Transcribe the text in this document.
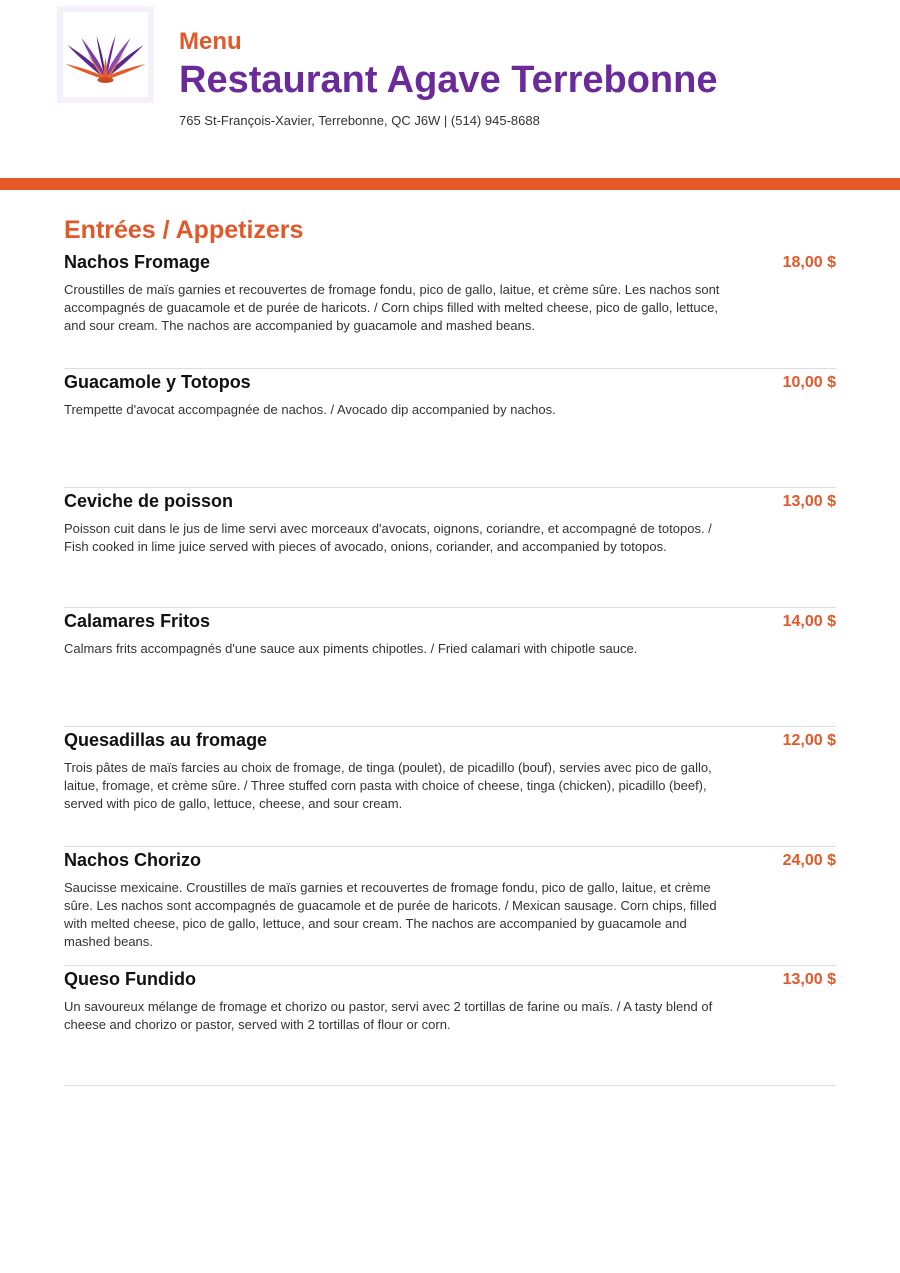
Menu
Restaurant Agave Terrebonne
765 St-François-Xavier, Terrebonne, QC J6W | (514) 945-8688
Entrées / Appetizers
Nachos Fromage	18,00 $
Croustilles de maïs garnies et recouvertes de fromage fondu, pico de gallo, laitue, et crème sûre. Les nachos sont accompagnés de guacamole et de purée de haricots. / Corn chips filled with melted cheese, pico de gallo, lettuce, and sour cream. The nachos are accompanied by guacamole and mashed beans.
Guacamole y Totopos	10,00 $
Trempette d'avocat accompagnée de nachos. / Avocado dip accompanied by nachos.
Ceviche de poisson	13,00 $
Poisson cuit dans le jus de lime servi avec morceaux d'avocats, oignons, coriandre, et accompagné de totopos. / Fish cooked in lime juice served with pieces of avocado, onions, coriander, and accompanied by totopos.
Calamares Fritos	14,00 $
Calmars frits accompagnés d'une sauce aux piments chipotles. / Fried calamari with chipotle sauce.
Quesadillas au fromage	12,00 $
Trois pâtes de maïs farcies au choix de fromage, de tinga (poulet), de picadillo (bouf), servies avec pico de gallo, laitue, fromage, et crème sûre. / Three stuffed corn pasta with choice of cheese, tinga (chicken), picadillo (beef), served with pico de gallo, lettuce, cheese, and sour cream.
Nachos Chorizo	24,00 $
Saucisse mexicaine. Croustilles de maïs garnies et recouvertes de fromage fondu, pico de gallo, laitue, et crème sûre. Les nachos sont accompagnés de guacamole et de purée de haricots. / Mexican sausage. Corn chips, filled with melted cheese, pico de gallo, lettuce, and sour cream. The nachos are accompanied by guacamole and mashed beans.
Queso Fundido	13,00 $
Un savoureux mélange de fromage et chorizo ou pastor, servi avec 2 tortillas de farine ou maïs. / A tasty blend of cheese and chorizo or pastor, served with 2 tortillas of flour or corn.
